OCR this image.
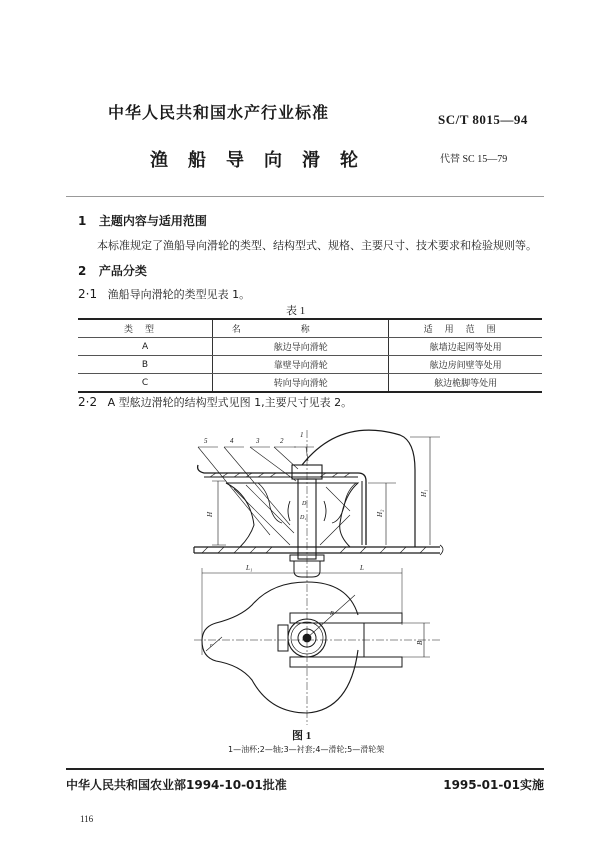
中华人民共和国水产行业标准	SC/T 8015—94
渔船导向滑轮	代替 SC 15—79
1 主题内容与适用范围
本标准规定了渔船导向滑轮的类型、结构型式、规格、主要尺寸、技术要求和检验规则等。
2 产品分类
2·1 渔船导向滑轮的类型见表 1。
表 1
类型	名称	适用范围
A	舷边导向滑轮	舷墙边起网等处用
B	靠壁导向滑轮	舷边房间壁等处用
C	转向导向滑轮	舷边桅脚等处用
2·2 A 型舷边滑轮的结构型式见图 1,主要尺寸见表 2。
5	4	3	2
1
D
D₁
H	H₂
H₁
L₁	L
B
R
r
图 1
1—油杯;2—轴;3—衬套;4—滑轮;5—滑轮架
中华人民共和国农业部1994-10-01批准	1995-01-01实施
116
